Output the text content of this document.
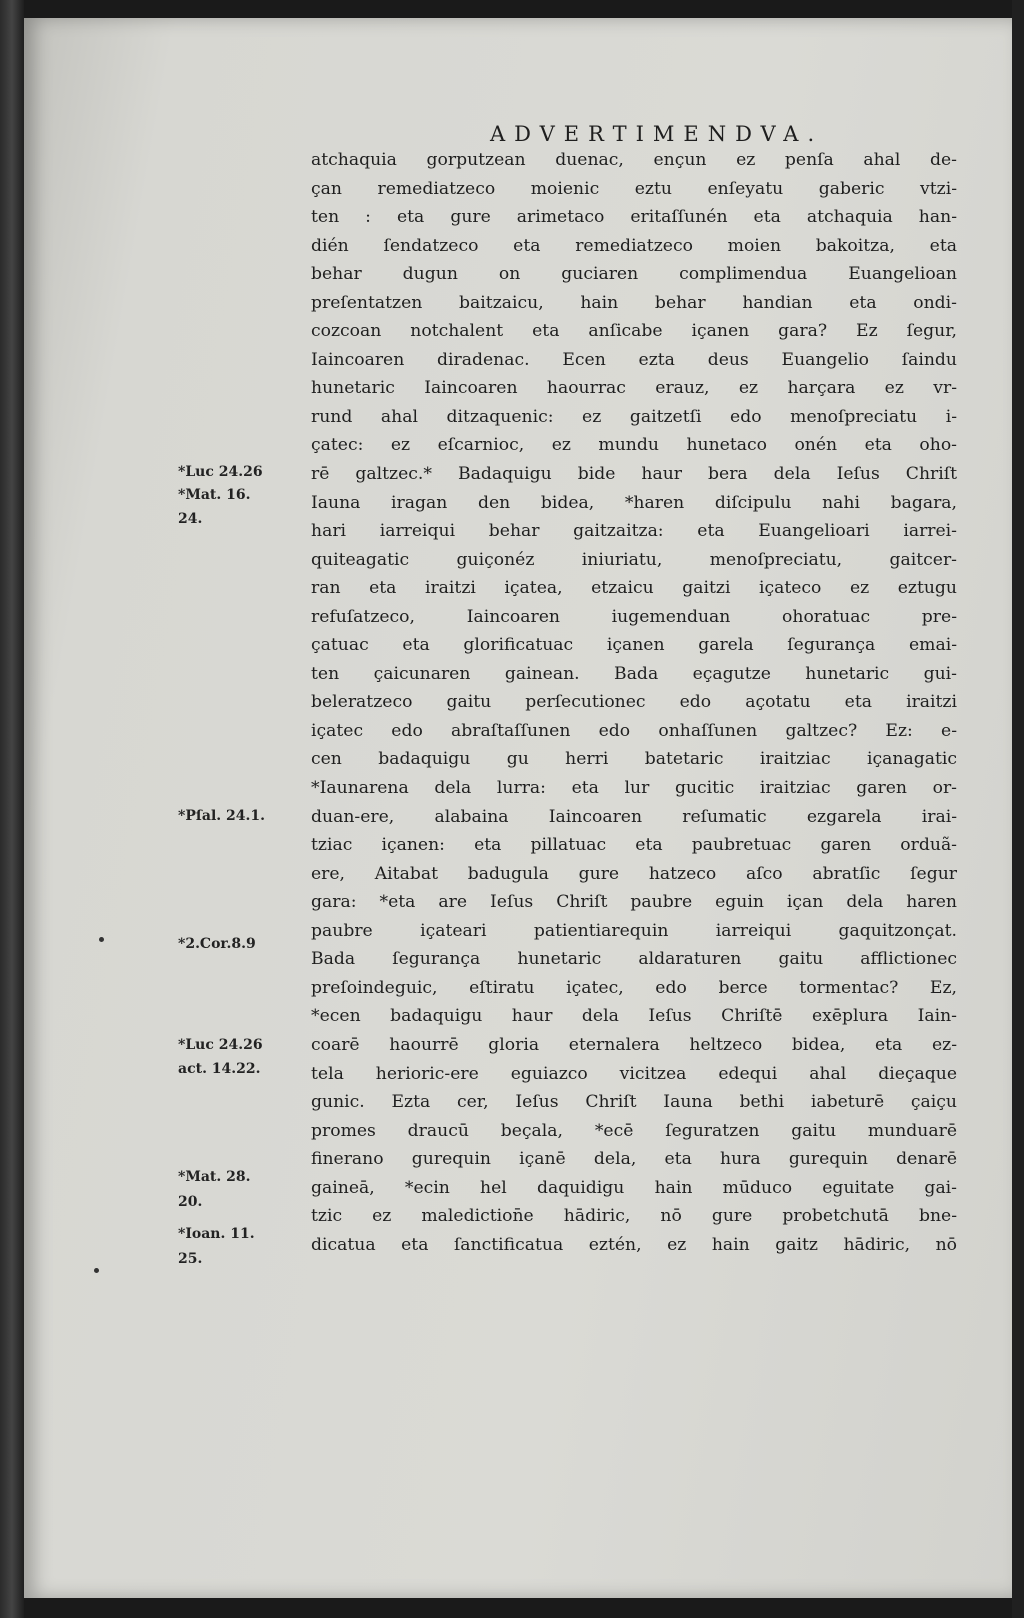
ADVERTIMENDVA.
atchaquia gorputzean duenac, ençun ez penſa ahal de-
çan remediatzeco moienic eztu enſeyatu gaberic vtzi-
ten : eta gure arimetaco eritaſſunén eta atchaquia han-
dién ſendatzeco eta remediatzeco moien bakoitza, eta
behar dugun on guciaren complimendua Euangelioan
preſentatzen baitzaicu, hain behar handian eta ondi-
cozcoan notchalent eta anſicabe içanen gara? Ez ſegur,
Iaincoaren diradenac. Ecen ezta deus Euangelio ſaindu
hunetaric Iaincoaren haourrac erauz, ez harçara ez vr-
rund ahal ditzaquenic: ez gaitzetſi edo menoſpreciatu i-
çatec: ez eſcarnioc, ez mundu hunetaco onén eta oho-
rē galtzec.* Badaquigu bide haur bera dela Ieſus Chriſt
Iauna iragan den bidea, *haren diſcipulu nahi bagara,
hari iarreiqui behar gaitzaitza: eta Euangelioari iarrei-
quiteagatic guiçonéz iniuriatu, menoſpreciatu, gaitcer-
ran eta iraitzi içatea, etzaicu gaitzi içateco ez eztugu
refuſatzeco, Iaincoaren iugemenduan ohoratuac pre-
çatuac eta glorificatuac içanen garela ſegurança emai-
ten çaicunaren gainean. Bada eçagutze hunetaric gui-
beleratzeco gaitu perſecutionec edo açotatu eta iraitzi
içatec edo abraſtaſſunen edo onhaſſunen galtzec? Ez: e-
cen badaquigu gu herri batetaric iraitziac içanagatic
*Iaunarena dela lurra: eta lur gucitic iraitziac garen or-
duan-ere, alabaina Iaincoaren reſumatic ezgarela irai-
tziac içanen: eta pillatuac eta paubretuac garen orduã-
ere, Aitabat badugula gure hatzeco aſco abratſic ſegur
gara: *eta are Ieſus Chriſt paubre eguin içan dela haren
paubre içateari patientiarequin iarreiqui gaquitzonçat.
Bada ſegurança hunetaric aldaraturen gaitu afflictionec
preſoindeguic, eſtiratu içatec, edo berce tormentac? Ez,
*ecen badaquigu haur dela Ieſus Chriſtē exēplura Iain-
coarē haourrē gloria eternalera heltzeco bidea, eta ez-
tela herioric-ere eguiazco vicitzea edequi ahal dieçaque
gunic. Ezta cer, Ieſus Chriſt Iauna bethi iabeturē çaiçu
promes draucū beçala, *ecē ſeguratzen gaitu munduarē
finerano gurequin içanē dela, eta hura gurequin denarē
gaineā, *ecin hel daquidigu hain mūduco eguitate gai-
tzic ez malediction̄e hādiric, nō gure probetchutā bne-
dicatua eta ſanctificatua eztén, ez hain gaitz hādiric, nō
*Luc 24.26
*Mat. 16.
24.
*Pſal. 24.1.
*2.Cor.8.9
*Luc 24.26
act. 14.22.
*Mat. 28.
20.
*Ioan. 11.
25.
